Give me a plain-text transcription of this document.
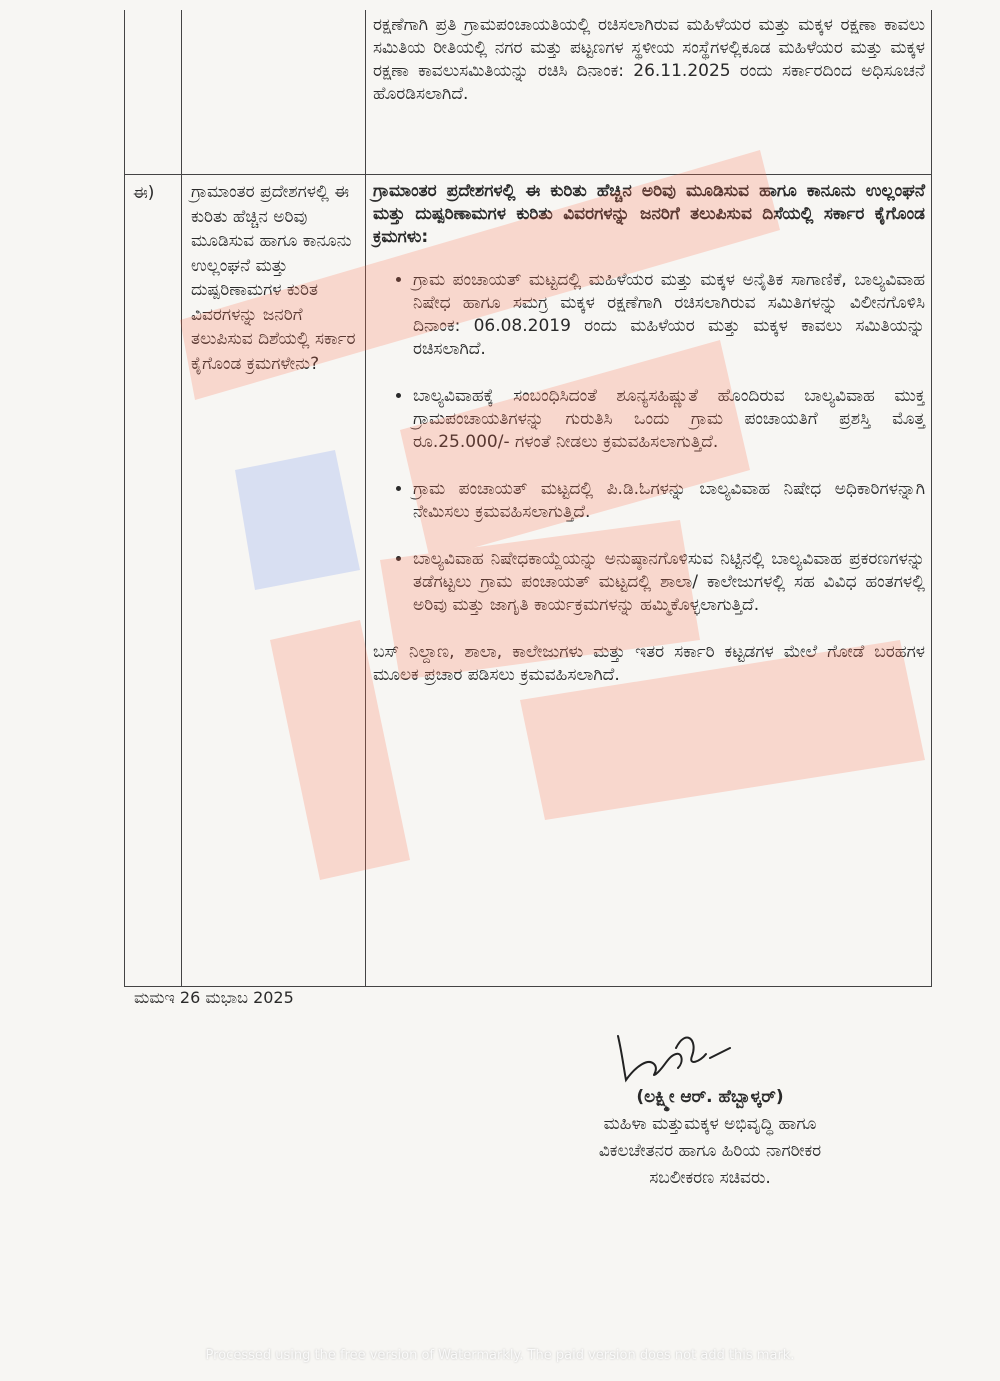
ರಕ್ಷಣೆಗಾಗಿ ಪ್ರತಿ ಗ್ರಾಮಪಂಚಾಯತಿಯಲ್ಲಿ ರಚಿಸಲಾಗಿರುವ ಮಹಿಳೆಯರ ಮತ್ತು ಮಕ್ಕಳ ರಕ್ಷಣಾ ಕಾವಲು ಸಮಿತಿಯ ರೀತಿಯಲ್ಲಿ ನಗರ ಮತ್ತು ಪಟ್ಟಣಗಳ ಸ್ಥಳೀಯ ಸಂಸ್ಥೆಗಳಲ್ಲಿಕೂಡ ಮಹಿಳೆಯರ ಮತ್ತು ಮಕ್ಕಳ ರಕ್ಷಣಾ ಕಾವಲುಸಮಿತಿಯನ್ನು ರಚಿಸಿ ದಿನಾಂಕ: 26.11.2025 ರಂದು ಸರ್ಕಾರದಿಂದ ಅಧಿಸೂಚನೆ ಹೊರಡಿಸಲಾಗಿದೆ.

ಈ)	ಗ್ರಾಮಾಂತರ ಪ್ರದೇಶಗಳಲ್ಲಿ ಈ ಕುರಿತು ಹೆಚ್ಚಿನ ಅರಿವು ಮೂಡಿಸುವ ಹಾಗೂ ಕಾನೂನು ಉಲ್ಲಂಘನೆ ಮತ್ತು ದುಷ್ಪರಿಣಾಮಗಳ ಕುರಿತ ವಿವರಗಳನ್ನು ಜನರಿಗೆ ತಲುಪಿಸುವ ದಿಶೆಯಲ್ಲಿ ಸರ್ಕಾರ ಕೈಗೊಂಡ ಕ್ರಮಗಳೇನು?

ಗ್ರಾಮಾಂತರ ಪ್ರದೇಶಗಳಲ್ಲಿ ಈ ಕುರಿತು ಹೆಚ್ಚಿನ ಅರಿವು ಮೂಡಿಸುವ ಹಾಗೂ ಕಾನೂನು ಉಲ್ಲಂಘನೆ ಮತ್ತು ದುಷ್ಪರಿಣಾಮಗಳ ಕುರಿತು ವಿವರಗಳನ್ನು ಜನರಿಗೆ ತಲುಪಿಸುವ ದಿಸೆಯಲ್ಲಿ ಸರ್ಕಾರ ಕೈಗೊಂಡ ಕ್ರಮಗಳು:

• ಗ್ರಾಮ ಪಂಚಾಯತ್ ಮಟ್ಟದಲ್ಲಿ ಮಹಿಳೆಯರ ಮತ್ತು ಮಕ್ಕಳ ಅನೈತಿಕ ಸಾಗಾಣಿಕೆ, ಬಾಲ್ಯವಿವಾಹ ನಿಷೇಧ ಹಾಗೂ ಸಮಗ್ರ ಮಕ್ಕಳ ರಕ್ಷಣೆಗಾಗಿ ರಚಿಸಲಾಗಿರುವ ಸಮಿತಿಗಳನ್ನು ವಿಲೀನಗೊಳಿಸಿ ದಿನಾಂಕ: 06.08.2019 ರಂದು ಮಹಿಳೆಯರ ಮತ್ತು ಮಕ್ಕಳ ಕಾವಲು ಸಮಿತಿಯನ್ನು ರಚಿಸಲಾಗಿದೆ.
• ಬಾಲ್ಯವಿವಾಹಕ್ಕೆ ಸಂಬಂಧಿಸಿದಂತೆ ಶೂನ್ಯಸಹಿಷ್ಣುತೆ ಹೊಂದಿರುವ ಬಾಲ್ಯವಿವಾಹ ಮುಕ್ತ ಗ್ರಾಮಪಂಚಾಯತಿಗಳನ್ನು ಗುರುತಿಸಿ ಒಂದು ಗ್ರಾಮ ಪಂಚಾಯತಿಗೆ ಪ್ರಶಸ್ತಿ ಮೊತ್ತ ರೂ.25.000/- ಗಳಂತೆ ನೀಡಲು ಕ್ರಮವಹಿಸಲಾಗುತ್ತಿದೆ.
• ಗ್ರಾಮ ಪಂಚಾಯತ್ ಮಟ್ಟದಲ್ಲಿ ಪಿ.ಡಿ.ಓಗಳನ್ನು ಬಾಲ್ಯವಿವಾಹ ನಿಷೇಧ ಅಧಿಕಾರಿಗಳನ್ನಾಗಿ ನೇಮಿಸಲು ಕ್ರಮವಹಿಸಲಾಗುತ್ತಿದೆ.
• ಬಾಲ್ಯವಿವಾಹ ನಿಷೇಧಕಾಯ್ದೆಯನ್ನು ಅನುಷ್ಠಾನಗೊಳಿಸುವ ನಿಟ್ಟಿನಲ್ಲಿ ಬಾಲ್ಯವಿವಾಹ ಪ್ರಕರಣಗಳನ್ನು ತಡೆಗಟ್ಟಲು ಗ್ರಾಮ ಪಂಚಾಯತ್ ಮಟ್ಟದಲ್ಲಿ ಶಾಲಾ/ ಕಾಲೇಜುಗಳಲ್ಲಿ ಸಹ ವಿವಿಧ ಹಂತಗಳಲ್ಲಿ ಅರಿವು ಮತ್ತು ಜಾಗೃತಿ ಕಾರ್ಯಕ್ರಮಗಳನ್ನು ಹಮ್ಮಿಕೊಳ್ಳಲಾಗುತ್ತಿದೆ.

ಬಸ್ ನಿಲ್ದಾಣ, ಶಾಲಾ, ಕಾಲೇಜುಗಳು ಮತ್ತು ಇತರ ಸರ್ಕಾರಿ ಕಟ್ಟಡಗಳ ಮೇಲೆ ಗೋಡೆ ಬರಹಗಳ ಮೂಲಕ ಪ್ರಚಾರ ಪಡಿಸಲು ಕ್ರಮವಹಿಸಲಾಗಿದೆ.

ಮಮಇ 26 ಮಭಾಬ 2025
(ಲಕ್ಷ್ಮೀ ಆರ್. ಹೆಬ್ಬಾಳ್ಕರ್)
ಮಹಿಳಾ ಮತ್ತುಮಕ್ಕಳ ಅಭಿವೃದ್ಧಿ ಹಾಗೂ
ವಿಕಲಚೇತನರ ಹಾಗೂ ಹಿರಿಯ ನಾಗರೀಕರ
ಸಬಲೀಕರಣ ಸಚಿವರು.
Processed using the free version of Watermarkly. The paid version does not add this mark.
